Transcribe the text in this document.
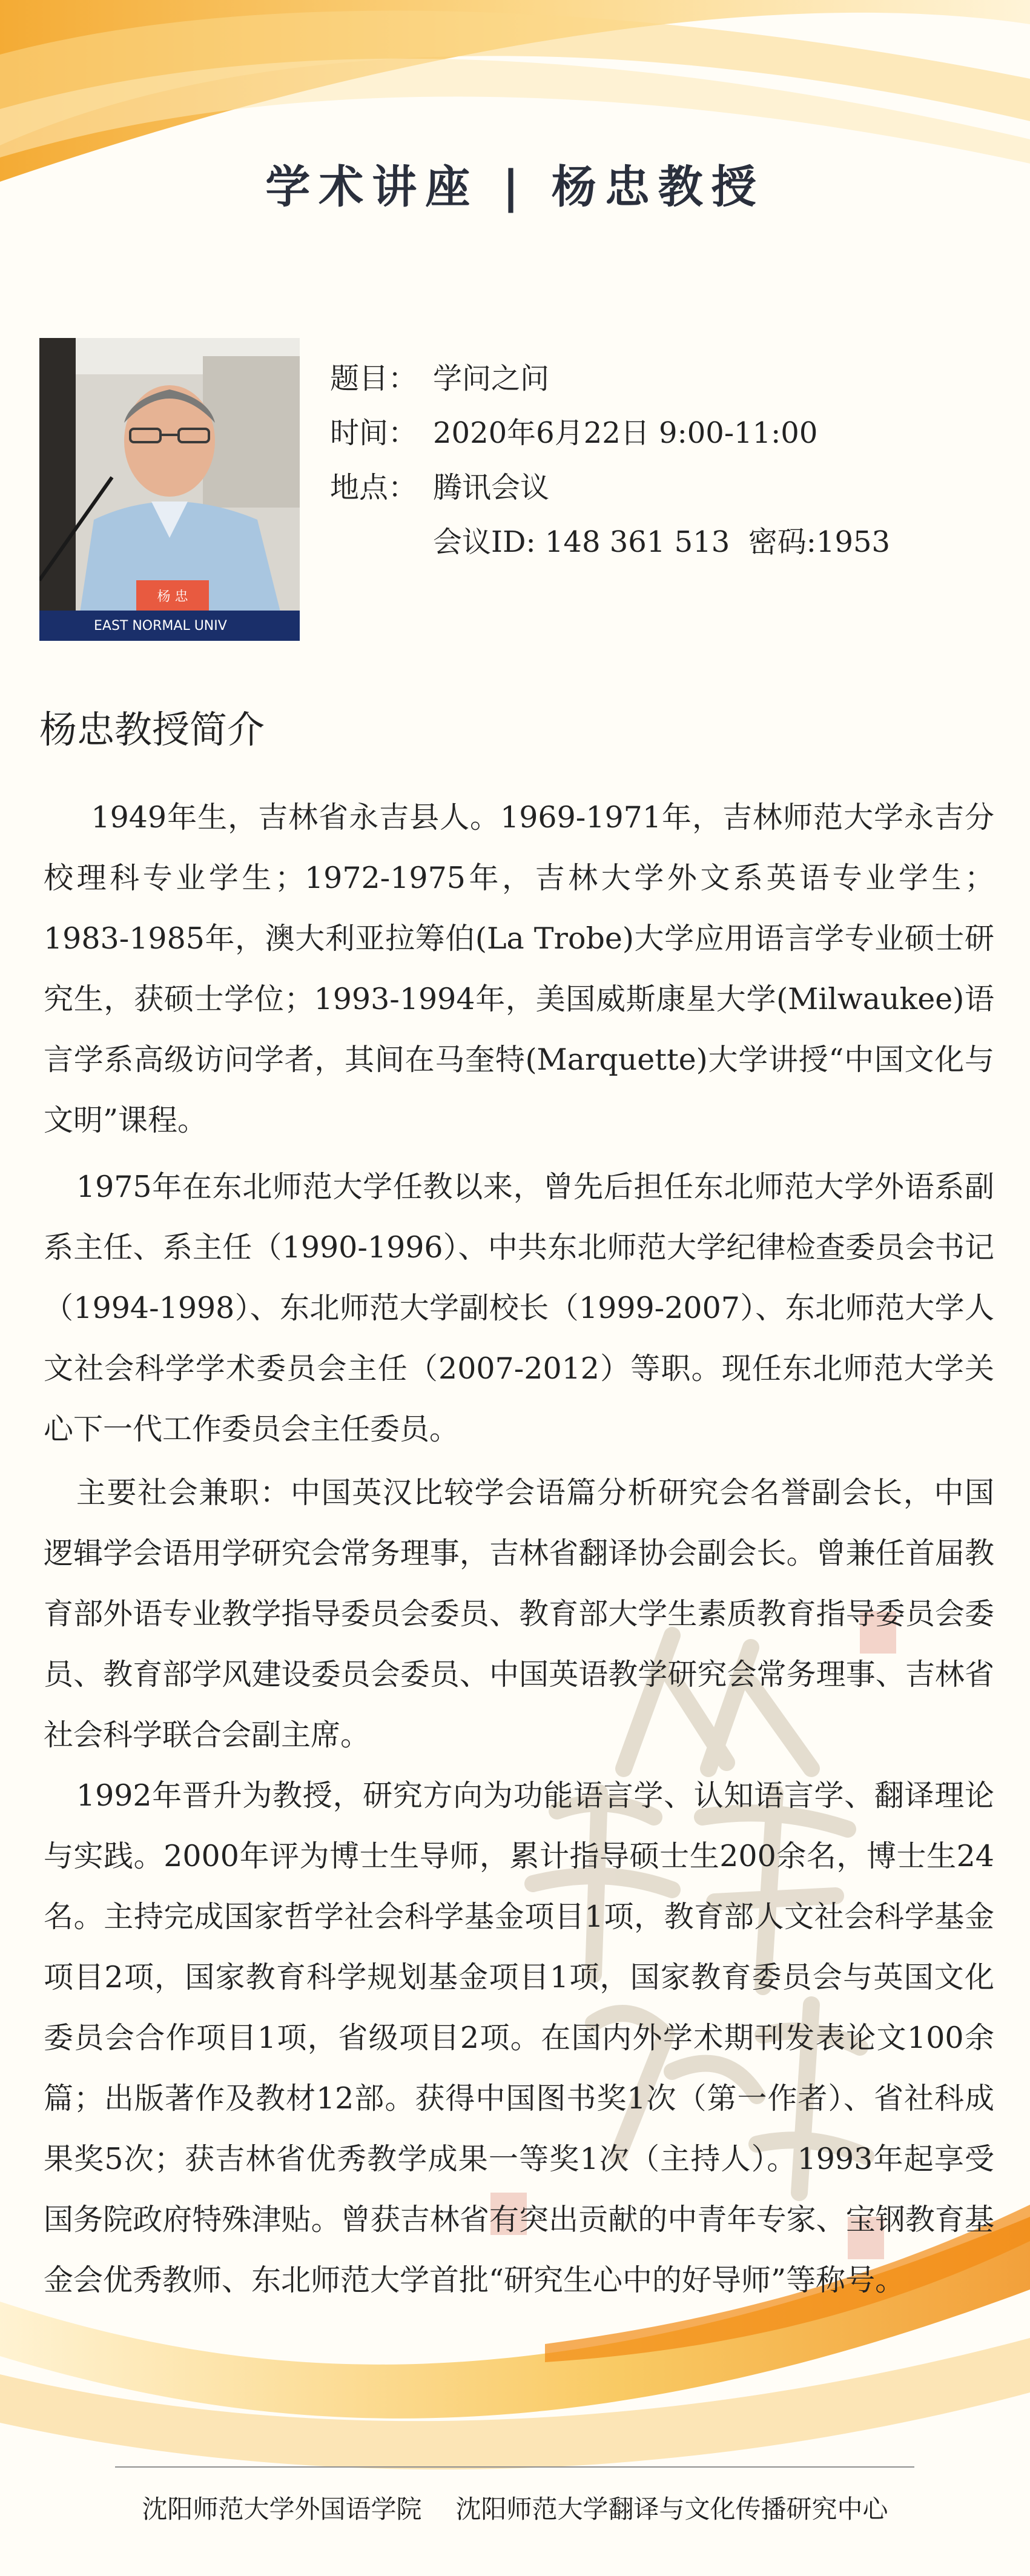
学术讲座 | 杨忠教授
杨 忠
EAST NORMAL UNIV
题目： 学问之问
时间： 2020年6月22日 9:00-11:00
地点： 腾讯会议
会议ID: 148 361 513  密码:1953
杨忠教授简介

1949年生，吉林省永吉县人。1969-1971年，吉林师范大学永吉分校理科专业学生；1972-1975年，吉林大学外文系英语专业学生；1983-1985年，澳大利亚拉筹伯(La Trobe)大学应用语言学专业硕士研究生，获硕士学位；1993-1994年，美国威斯康星大学(Milwaukee)语言学系高级访问学者，其间在马奎特(Marquette)大学讲授“中国文化与文明”课程。

1975年在东北师范大学任教以来，曾先后担任东北师范大学外语系副系主任、系主任（1990-1996）、中共东北师范大学纪律检查委员会书记（1994-1998）、东北师范大学副校长（1999-2007）、东北师范大学人文社会科学学术委员会主任（2007-2012）等职。现任东北师范大学关心下一代工作委员会主任委员。

主要社会兼职：中国英汉比较学会语篇分析研究会名誉副会长，中国逻辑学会语用学研究会常务理事，吉林省翻译协会副会长。曾兼任首届教育部外语专业教学指导委员会委员、教育部大学生素质教育指导委员会委员、教育部学风建设委员会委员、中国英语教学研究会常务理事、吉林省社会科学联合会副主席。

1992年晋升为教授，研究方向为功能语言学、认知语言学、翻译理论与实践。2000年评为博士生导师，累计指导硕士生200余名，博士生24名。主持完成国家哲学社会科学基金项目1项，教育部人文社会科学基金项目2项，国家教育科学规划基金项目1项，国家教育委员会与英国文化委员会合作项目1项，省级项目2项。在国内外学术期刊发表论文100余篇；出版著作及教材12部。获得中国图书奖1次（第一作者）、省社科成果奖5次；获吉林省优秀教学成果一等奖1次（主持人）。1993年起享受国务院政府特殊津贴。曾获吉林省有突出贡献的中青年专家、宝钢教育基金会优秀教师、东北师范大学首批“研究生心中的好导师”等称号。

沈阳师范大学外国语学院 沈阳师范大学翻译与文化传播研究中心
